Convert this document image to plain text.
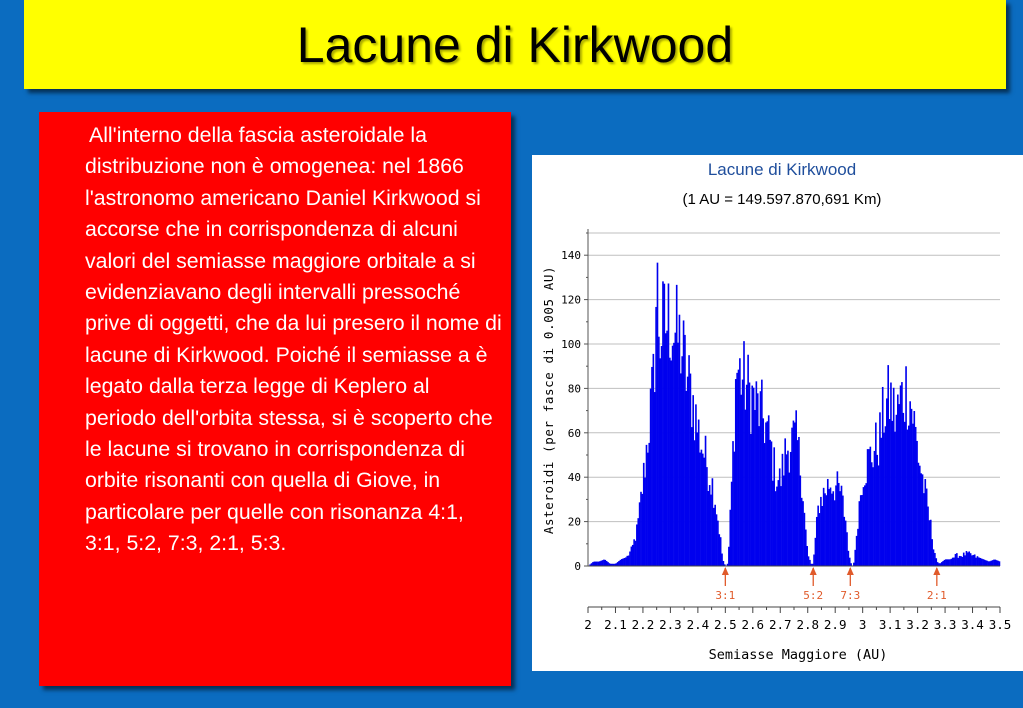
Lacune di Kirkwood

All'interno della fascia asteroidale la distribuzione non è omogenea: nel 1866 l'astronomo americano Daniel Kirkwood si accorse che in corrispondenza di alcuni valori del semiasse maggiore orbitale a si evidenziavano degli intervalli pressoché prive di oggetti, che da lui presero il nome di lacune di Kirkwood. Poiché il semiasse a è legato dalla terza legge di Keplero al periodo dell'orbita stessa, si è scoperto che le lacune si trovano in corrispondenza di orbite risonanti con quella di Giove, in particolare per quelle con risonanza 4:1, 3:1, 5:2, 7:3, 2:1, 5:3.

Lacune di Kirkwood
(1 AU = 149.597.870,691 Km)
Asteroidi (per fasce di 0.005 AU)
Semiasse Maggiore (AU)
0
20
40
60
80
100
120
140
3:1	5:2 7:3	2:1
2 2.1 2.2 2.3 2.4 2.5 2.6 2.7 2.8 2.9 3 3.1 3.2 3.3 3.4 3.5
